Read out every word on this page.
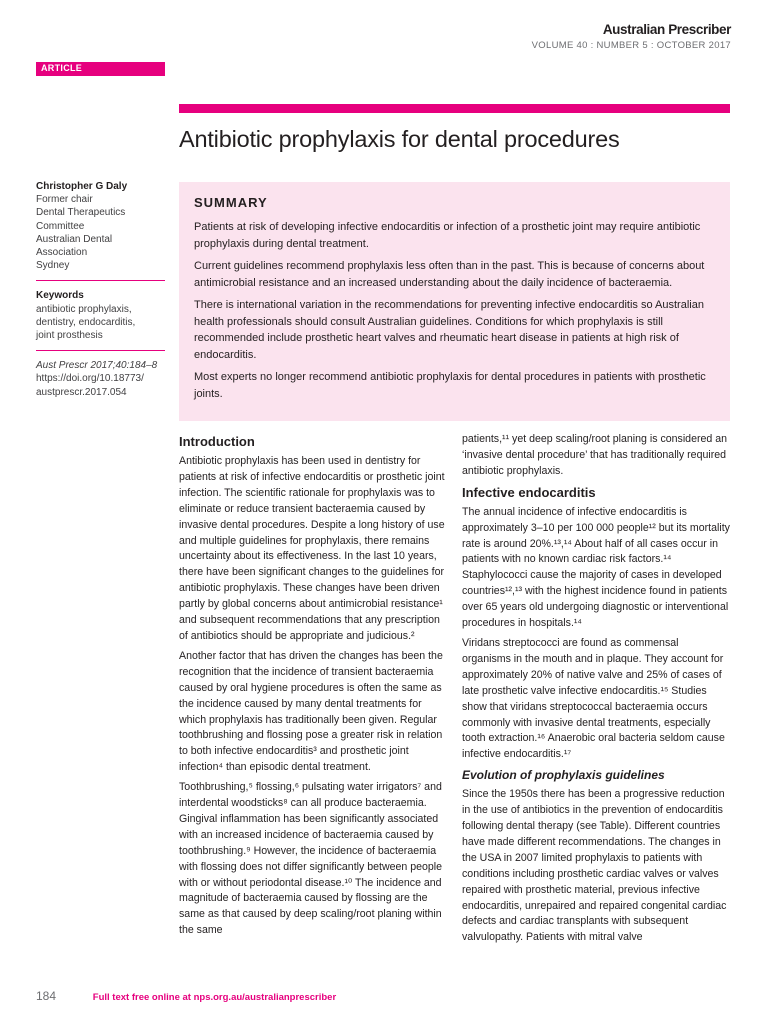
Australian Prescriber
VOLUME 40 : NUMBER 5 : OCTOBER 2017
ARTICLE
Antibiotic prophylaxis for dental procedures
Christopher G Daly
Former chair
Dental Therapeutics
Committee
Australian Dental
Association
Sydney
Keywords
antibiotic prophylaxis,
dentistry, endocarditis,
joint prosthesis
Aust Prescr 2017;40:184–8
https://doi.org/10.18773/
austprescr.2017.054
SUMMARY

Patients at risk of developing infective endocarditis or infection of a prosthetic joint may require antibiotic prophylaxis during dental treatment.

Current guidelines recommend prophylaxis less often than in the past. This is because of concerns about antimicrobial resistance and an increased understanding about the daily incidence of bacteraemia.

There is international variation in the recommendations for preventing infective endocarditis so Australian health professionals should consult Australian guidelines. Conditions for which prophylaxis is still recommended include prosthetic heart valves and rheumatic heart disease in patients at high risk of endocarditis.

Most experts no longer recommend antibiotic prophylaxis for dental procedures in patients with prosthetic joints.

Introduction

Antibiotic prophylaxis has been used in dentistry for patients at risk of infective endocarditis or prosthetic joint infection. The scientific rationale for prophylaxis was to eliminate or reduce transient bacteraemia caused by invasive dental procedures. Despite a long history of use and multiple guidelines for prophylaxis, there remains uncertainty about its effectiveness. In the last 10 years, there have been significant changes to the guidelines for antibiotic prophylaxis. These changes have been driven partly by global concerns about antimicrobial resistance¹ and subsequent recommendations that any prescription of antibiotics should be appropriate and judicious.²

Another factor that has driven the changes has been the recognition that the incidence of transient bacteraemia caused by oral hygiene procedures is often the same as the incidence caused by many dental treatments for which prophylaxis has traditionally been given. Regular toothbrushing and flossing pose a greater risk in relation to both infective endocarditis³ and prosthetic joint infection⁴ than episodic dental treatment.

Toothbrushing,⁵ flossing,⁶ pulsating water irrigators⁷ and interdental woodsticks⁸ can all produce bacteraemia. Gingival inflammation has been significantly associated with an increased incidence of bacteraemia caused by toothbrushing.⁹ However, the incidence of bacteraemia with flossing does not differ significantly between people with or without periodontal disease.¹⁰ The incidence and magnitude of bacteraemia caused by flossing are the same as that caused by deep scaling/root planing within the same

patients,¹¹ yet deep scaling/root planing is considered an ‘invasive dental procedure’ that has traditionally required antibiotic prophylaxis.

Infective endocarditis

The annual incidence of infective endocarditis is approximately 3–10 per 100 000 people¹² but its mortality rate is around 20%.¹³,¹⁴ About half of all cases occur in patients with no known cardiac risk factors.¹⁴ Staphylococci cause the majority of cases in developed countries¹²,¹³ with the highest incidence found in patients over 65 years old undergoing diagnostic or interventional procedures in hospitals.¹⁴

Viridans streptococci are found as commensal organisms in the mouth and in plaque. They account for approximately 20% of native valve and 25% of cases of late prosthetic valve infective endocarditis.¹⁵ Studies show that viridans streptococcal bacteraemia occurs commonly with invasive dental treatments, especially tooth extraction.¹⁶ Anaerobic oral bacteria seldom cause infective endocarditis.¹⁷

Evolution of prophylaxis guidelines

Since the 1950s there has been a progressive reduction in the use of antibiotics in the prevention of endocarditis following dental therapy (see Table). Different countries have made different recommendations. The changes in the USA in 2007 limited prophylaxis to patients with conditions including prosthetic cardiac valves or valves repaired with prosthetic material, previous infective endocarditis, unrepaired and repaired congenital cardiac defects and cardiac transplants with subsequent valvulopathy. Patients with mitral valve

184	Full text free online at nps.org.au/australianprescriber
